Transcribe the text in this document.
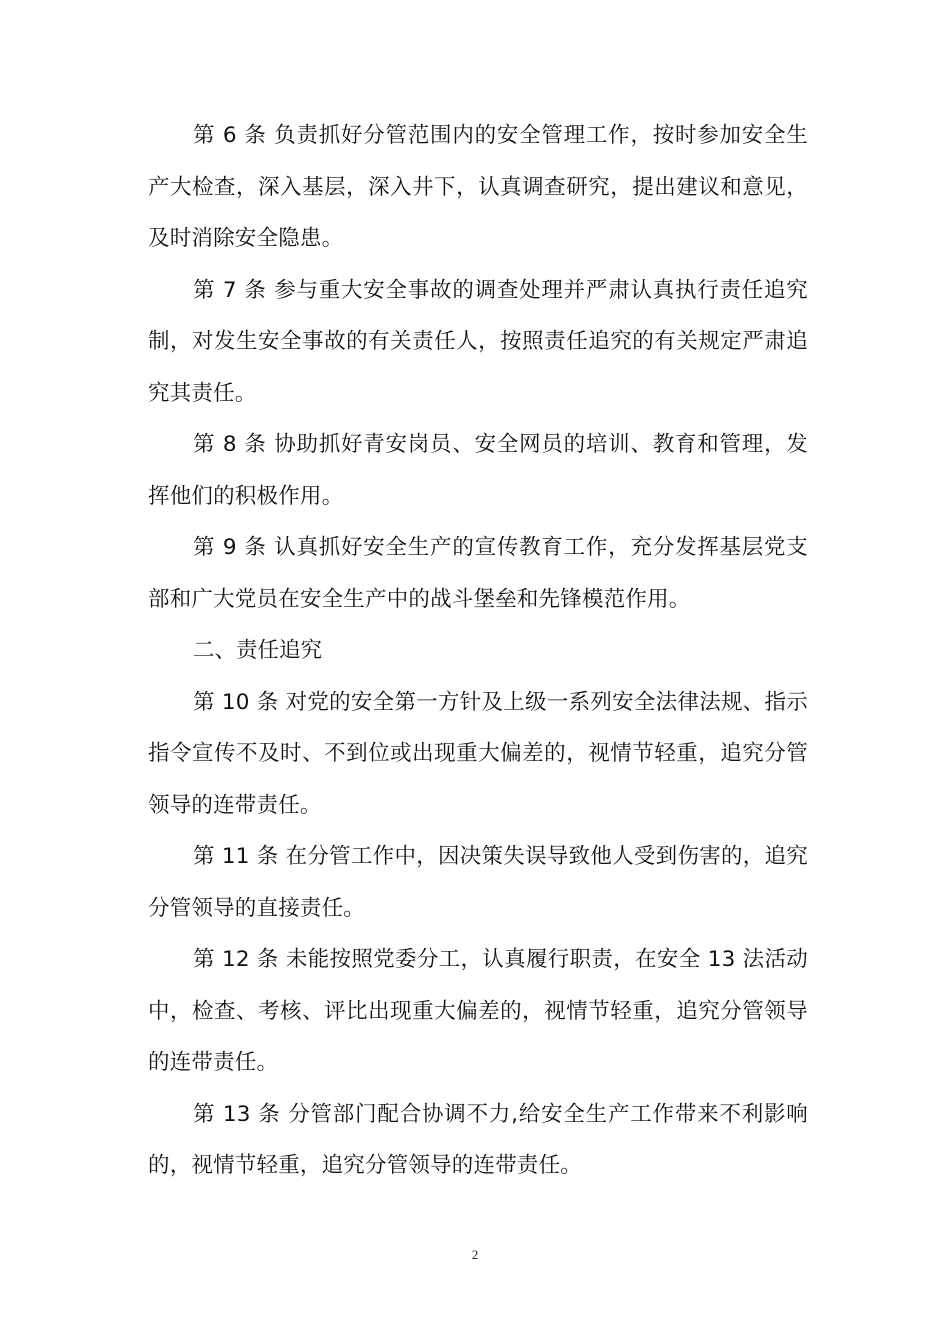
第 6 条 负责抓好分管范围内的安全管理工作，按时参加安全生产大检查，深入基层，深入井下，认真调查研究，提出建议和意见，及时消除安全隐患。

第 7 条 参与重大安全事故的调查处理并严肃认真执行责任追究制，对发生安全事故的有关责任人，按照责任追究的有关规定严肃追究其责任。

第 8 条 协助抓好青安岗员、安全网员的培训、教育和管理，发挥他们的积极作用。

第 9 条 认真抓好安全生产的宣传教育工作，充分发挥基层党支部和广大党员在安全生产中的战斗堡垒和先锋模范作用。

二、责任追究

第 10 条 对党的安全第一方针及上级一系列安全法律法规、指示指令宣传不及时、不到位或出现重大偏差的，视情节轻重，追究分管领导的连带责任。

第 11 条 在分管工作中，因决策失误导致他人受到伤害的，追究分管领导的直接责任。

第 12 条 未能按照党委分工，认真履行职责，在安全 13 法活动中，检查、考核、评比出现重大偏差的，视情节轻重，追究分管领导的连带责任。

第 13 条 分管部门配合协调不力,给安全生产工作带来不利影响的，视情节轻重，追究分管领导的连带责任。

2
